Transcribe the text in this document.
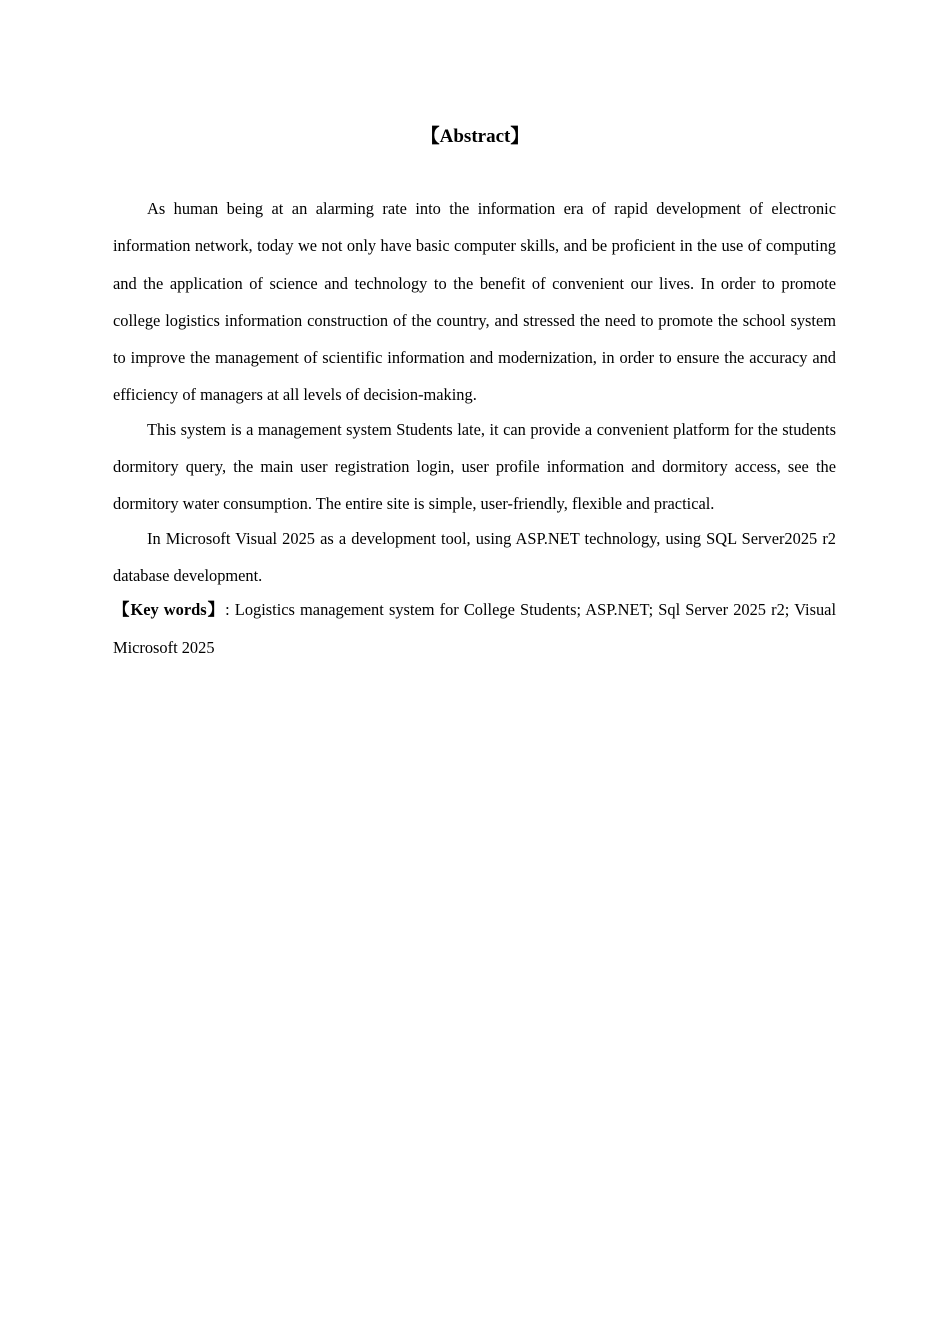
【Abstract】

As human being at an alarming rate into the information era of rapid development of electronic information network, today we not only have basic computer skills, and be proficient in the use of computing and the application of science and technology to the benefit of convenient our lives. In order to promote college logistics information construction of the country, and stressed the need to promote the school system to improve the management of scientific information and modernization, in order to ensure the accuracy and efficiency of managers at all levels of decision-making.

This system is a management system Students late, it can provide a convenient platform for the students dormitory query, the main user registration login, user profile information and dormitory access, see the dormitory water consumption. The entire site is simple, user-friendly, flexible and practical.

In Microsoft Visual 2025 as a development tool, using ASP.NET technology, using SQL Server2025 r2 database development.

【Key words】: Logistics management system for College Students; ASP.NET; Sql Server 2025 r2; Visual Microsoft 2025
